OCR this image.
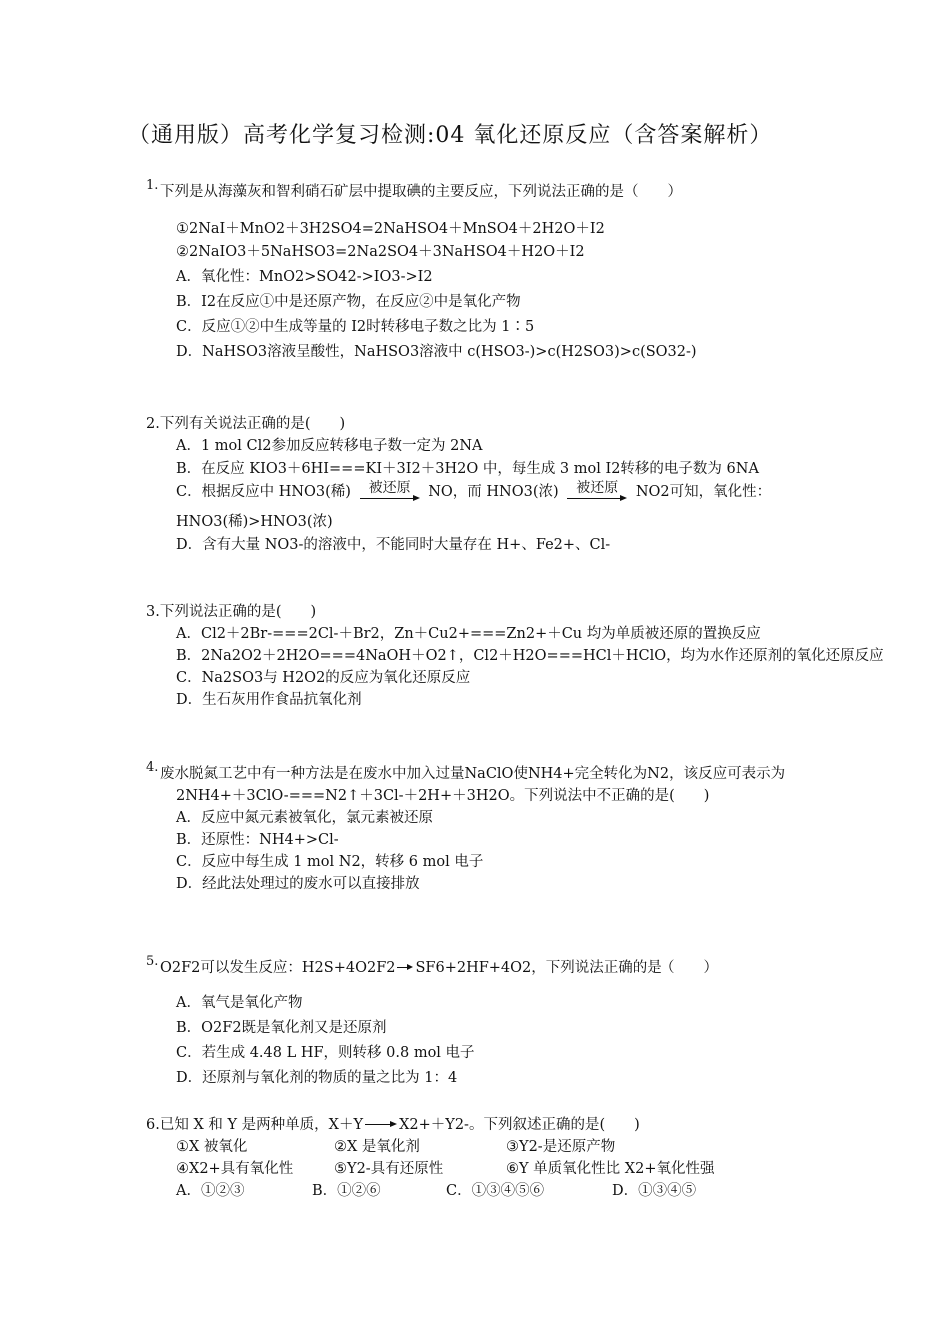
（通用版）高考化学复习检测:04 氧化还原反应（含答案解析）
1. 下列是从海藻灰和智利硝石矿层中提取碘的主要反应，下列说法正确的是（　　）
①2NaI＋MnO2＋3H2SO4=2NaHSO4＋MnSO4＋2H2O＋I2
②2NaIO3＋5NaHSO3=2Na2SO4＋3NaHSO4＋H2O＋I2
A．氧化性：MnO2>SO42->IO3->I2
B．I2在反应①中是还原产物，在反应②中是氧化产物
C．反应①②中生成等量的 I2时转移电子数之比为 1∶5
D．NaHSO3溶液呈酸性，NaHSO3溶液中 c(HSO3-)>c(H2SO3)>c(SO32-)
2.下列有关说法正确的是(　　)
A．1 mol Cl2参加反应转移电子数一定为 2NA
B．在反应 KIO3＋6HI===KI＋3I2＋3H2O 中，每生成 3 mol I2转移的电子数为 6NA
C．根据反应中 HNO3(稀)	被还原	NO，而 HNO3(浓)	被还原	NO2可知，氧化性：
HNO3(稀)>HNO3(浓)
D．含有大量 NO3-的溶液中，不能同时大量存在 H+、Fe2+、Cl-
3.下列说法正确的是(　　)
A．Cl2＋2Br-===2Cl-＋Br2，Zn＋Cu2+===Zn2+＋Cu 均为单质被还原的置换反应
B．2Na2O2＋2H2O===4NaOH＋O2↑，Cl2＋H2O===HCl＋HClO，均为水作还原剂的氧化还原反应
C．Na2SO3与 H2O2的反应为氧化还原反应
D．生石灰用作食品抗氧化剂
4. 废水脱氮工艺中有一种方法是在废水中加入过量NaClO使NH4+完全转化为N2，该反应可表示为
2NH4+＋3ClO-===N2↑＋3Cl-＋2H+＋3H2O。下列说法中不正确的是(　　)
A．反应中氮元素被氧化，氯元素被还原
B．还原性：NH4+>Cl-
C．反应中每生成 1 mol N2，转移 6 mol 电子
D．经此法处理过的废水可以直接排放
5. O2F2可以发生反应：H2S+4O2F2 SF6+2HF+4O2，下列说法正确的是
（　　）
A．氧气是氧化产物
B．O2F2既是氧化剂又是还原剂
C．若生成 4.48 L HF，则转移 0.8 mol 电子
D．还原剂与氧化剂的物质的量之比为 1：4
6.已知 X 和 Y 是两种单质，X＋Y X2+＋Y2-。下列叙述正确的是(　　)
①X 被氧化	②X 是氧化剂	③Y2-是还原产物
④X2+具有氧化性	⑤Y2-具有还原性	⑥Y 单质氧化性比 X2+氧化性强
A．①②③	B．①②⑥	C．①③④⑤⑥	D．①③④⑤
